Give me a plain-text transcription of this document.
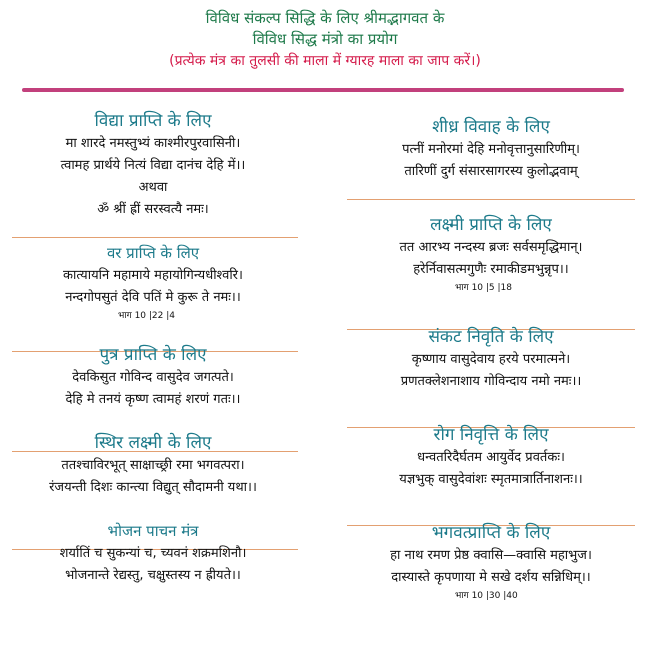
विविध संकल्प सिद्धि के लिए श्रीमद्भागवत के
विविध सिद्ध मंत्रो का प्रयोग
(प्रत्येक मंत्र का तुलसी की माला में ग्यारह माला का जाप करें।)
विद्या प्राप्ति के लिए
मा शारदे नमस्तुभ्यं काश्मीरपुरवासिनी।
त्वामह प्रार्थये नित्यं विद्या दानंच देहि में।।
अथवा
ॐ श्रीं ह्रीं सरस्वत्यै नमः।
वर प्राप्ति के लिए
कात्यायनि महामाये महायोगिन्यधीश्वरि।
नन्दगोपसुतं देवि पतिं मे कुरू ते नमः।।
भाग 10 |22 |4
पुत्र प्राप्ति के लिए
देवकिसुत गोविन्द वासुदेव जगत्पते।
देहि मे तनयं कृष्ण त्वामहं शरणं गतः।।
स्थिर लक्ष्मी के लिए
ततश्चाविरभूत् साक्षाच्छ्री रमा भगवत्परा।
रंजयन्ती दिशः कान्त्या विद्युत् सौदामनी यथा।।
भोजन पाचन मंत्र
शर्यातिं च सुकन्यां च, च्यवनं शक्रमशिनौ।
भोजनान्ते रेद्यस्तु, चक्षुस्तस्य न ह्रीयते।।
शीध्र विवाह के लिए
पत्नीं मनोरमां देहि मनोवृत्तानुसारिणीम्।
तारिणीं दुर्ग संसारसागरस्य कुलोद्भवाम्
लक्ष्मी प्राप्ति के लिए
तत आरभ्य नन्दस्य ब्रजः सर्वसमृद्धिमान्।
हरेर्निवासत्मगुणैः रमाकीडमभुन्नृप।।
भाग 10 |5 |18
संकट निवृति के लिए
कृष्णाय वासुदेवाय हरये परमात्मने।
प्रणतक्लेशनाशाय गोविन्दाय नमो नमः।।
रोग निवृत्ति के लिए
धन्वतरिदैर्घतम आयुर्वेद प्रवर्तकः।
यज्ञभुक् वासुदेवांशः स्मृतमात्रार्तिनाशनः।।
भगवत्प्राप्ति के लिए
हा नाथ रमण प्रेष्ठ क्वासि—क्वासि महाभुज।
दास्यास्ते कृपणाया मे सखे दर्शय सन्निधिम्।।
भाग 10 |30 |40
